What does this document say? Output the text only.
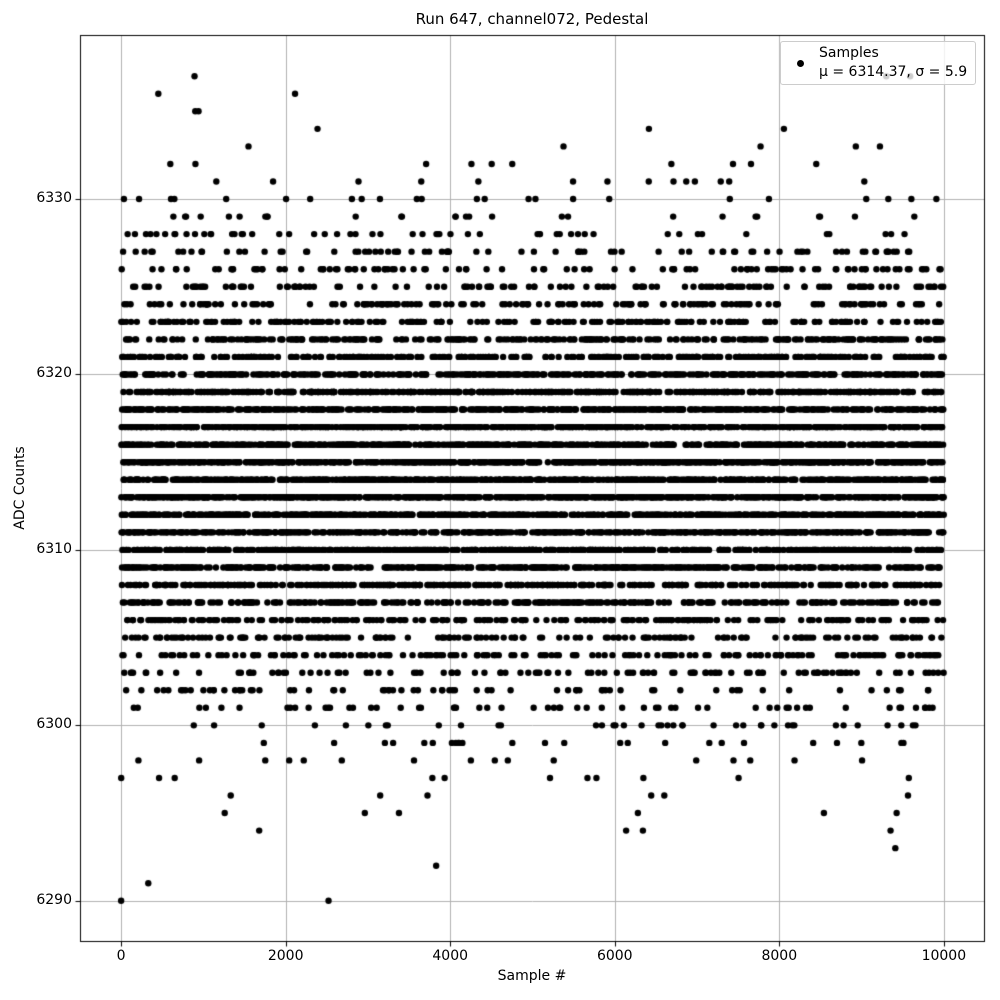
Run 647, channel072, Pedestal
Sample #
ADC Counts
0	2000	4000	6000	8000	10000
6290
6300
6310
6320
6330
Samples
μ = 6314.37, σ = 5.9
